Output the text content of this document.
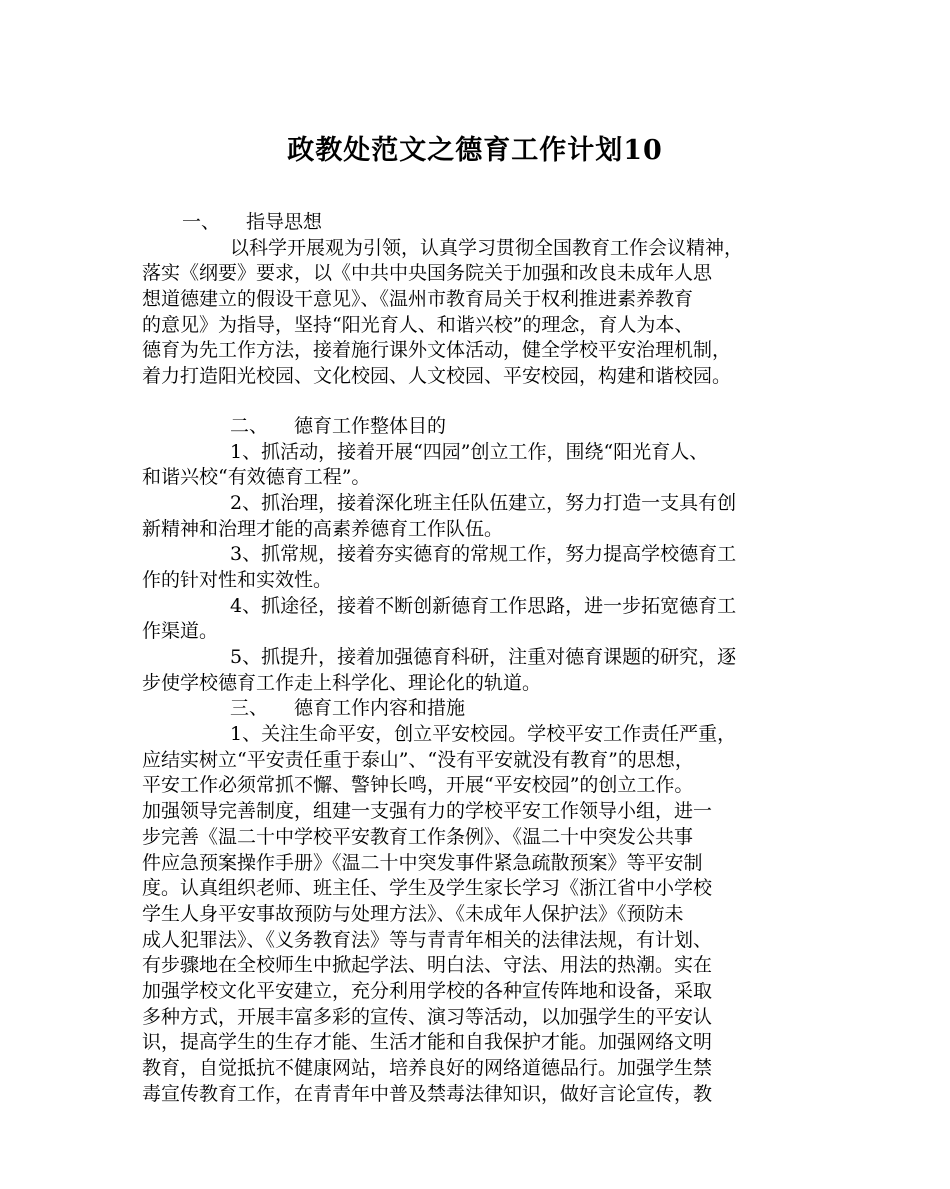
政教处范文之德育工作计划10
一、 指导思想
以科学开展观为引领，认真学习贯彻全国教育工作会议精神，
落实《纲要》要求，以《中共中央国务院关于加强和改良未成年人思
想道德建立的假设干意见》、《温州市教育局关于权利推进素养教育
的意见》为指导，坚持“阳光育人、和谐兴校”的理念，育人为本、
德育为先工作方法，接着施行课外文体活动，健全学校平安治理机制，
着力打造阳光校园、文化校园、人文校园、平安校园，构建和谐校园。
二、 德育工作整体目的
1、抓活动，接着开展“四园”创立工作，围绕“阳光育人、
和谐兴校“有效德育工程”。
2、抓治理，接着深化班主任队伍建立，努力打造一支具有创
新精神和治理才能的高素养德育工作队伍。
3、抓常规，接着夯实德育的常规工作，努力提高学校德育工
作的针对性和实效性。
4、抓途径，接着不断创新德育工作思路，进一步拓宽德育工
作渠道。
5、抓提升，接着加强德育科研，注重对德育课题的研究，逐
步使学校德育工作走上科学化、理论化的轨道。
三、 德育工作内容和措施
1、关注生命平安，创立平安校园。学校平安工作责任严重，
应结实树立“平安责任重于泰山”、“没有平安就没有教育”的思想，
平安工作必须常抓不懈、警钟长鸣，开展“平安校园”的创立工作。
加强领导完善制度，组建一支强有力的学校平安工作领导小组，进一
步完善《温二十中学校平安教育工作条例》、《温二十中突发公共事
件应急预案操作手册》《温二十中突发事件紧急疏散预案》等平安制
度。认真组织老师、班主任、学生及学生家长学习《浙江省中小学校
学生人身平安事故预防与处理方法》、《未成年人保护法》《预防未
成人犯罪法》、《义务教育法》等与青青年相关的法律法规，有计划、
有步骤地在全校师生中掀起学法、明白法、守法、用法的热潮。实在
加强学校文化平安建立，充分利用学校的各种宣传阵地和设备，采取
多种方式，开展丰富多彩的宣传、演习等活动，以加强学生的平安认
识，提高学生的生存才能、生活才能和自我保护才能。加强网络文明
教育，自觉抵抗不健康网站，培养良好的网络道德品行。加强学生禁
毒宣传教育工作，在青青年中普及禁毒法律知识，做好言论宣传，教
